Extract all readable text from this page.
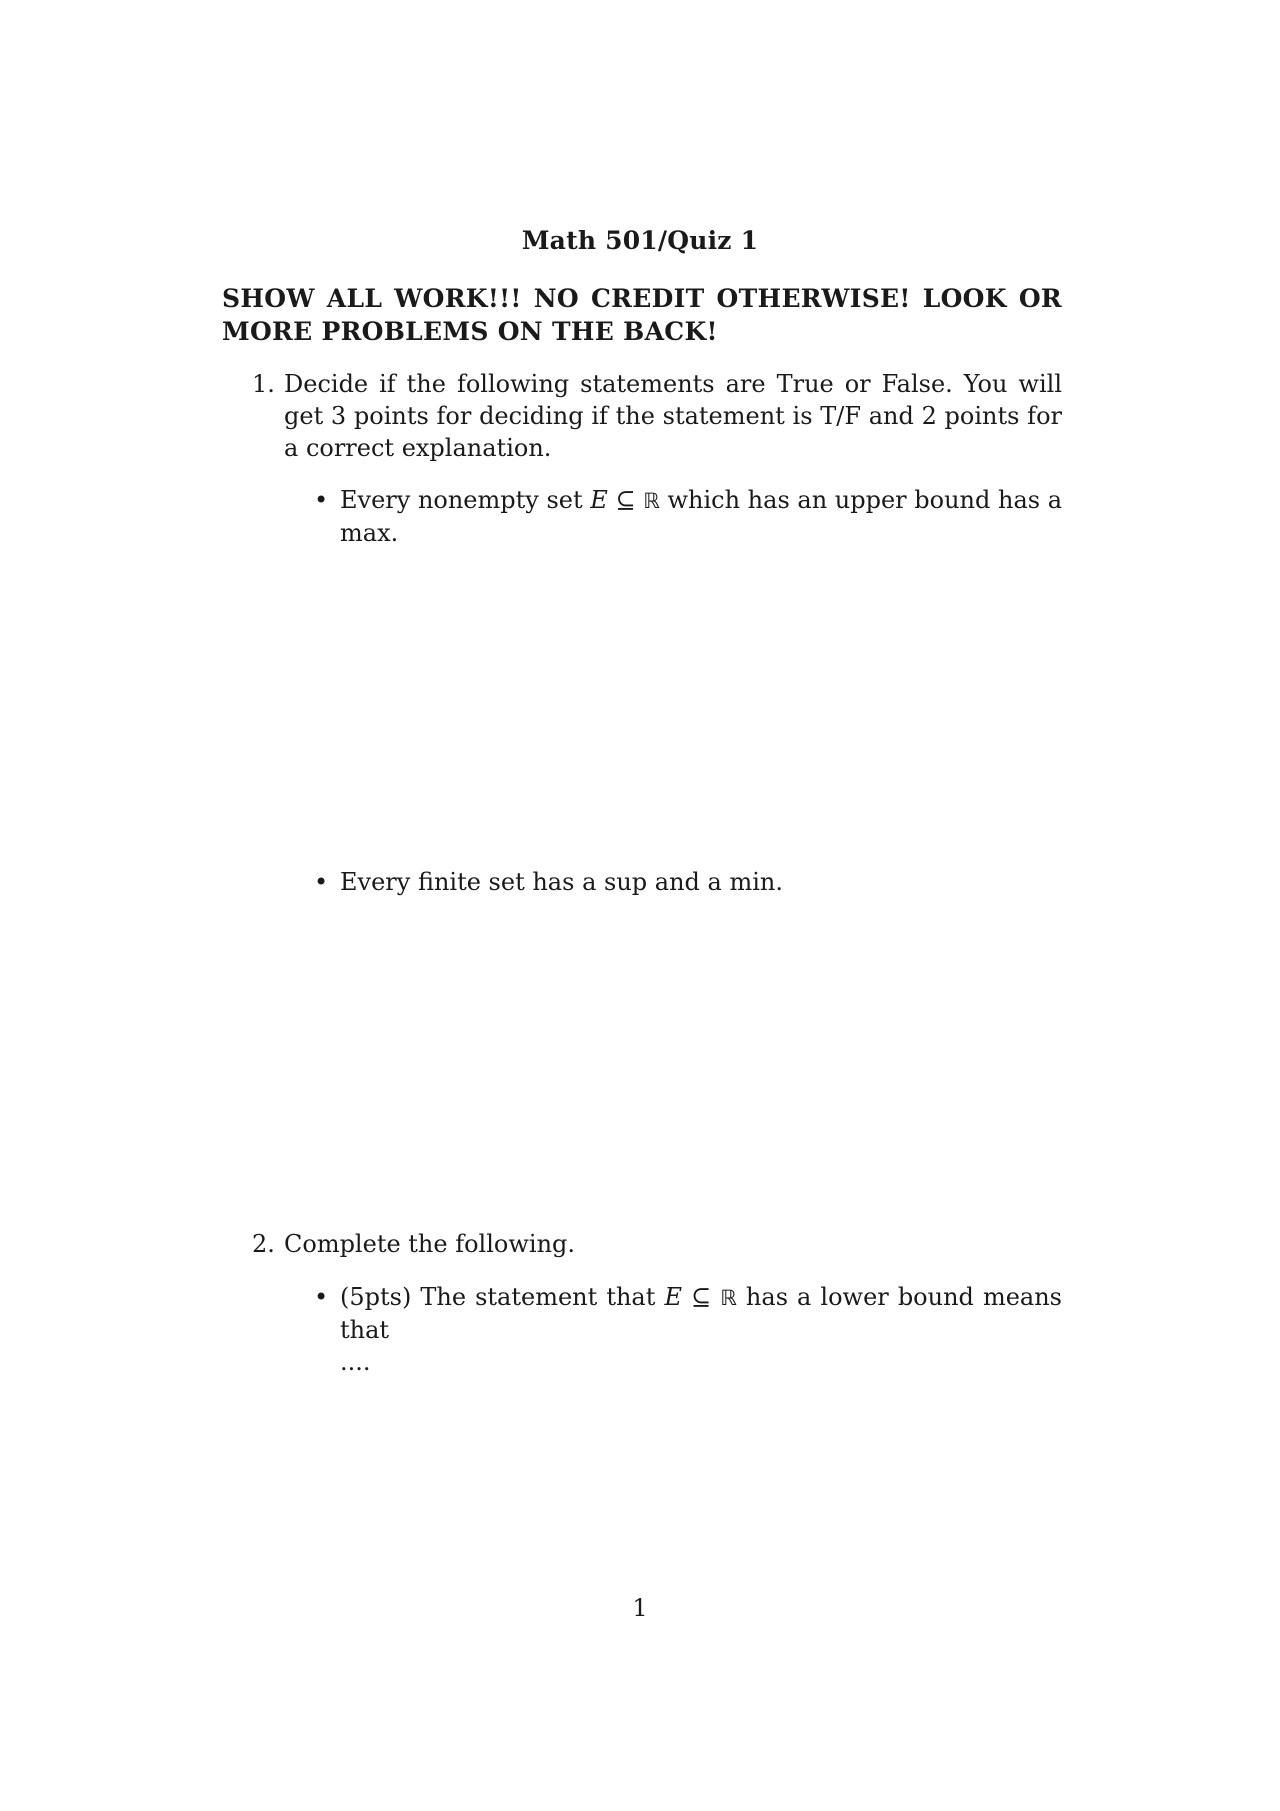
Math 501/Quiz 1
SHOW ALL WORK!!! NO CREDIT OTHERWISE! LOOK OR MORE PROBLEMS ON THE BACK!
1. Decide if the following statements are True or False. You will get 3 points for deciding if the statement is T/F and 2 points for a correct explanation.
• Every nonempty set E ⊆ ℝ which has an upper bound has a max.
• Every finite set has a sup and a min.
2. Complete the following.
• (5pts) The statement that E ⊆ ℝ has a lower bound means that
....
1
